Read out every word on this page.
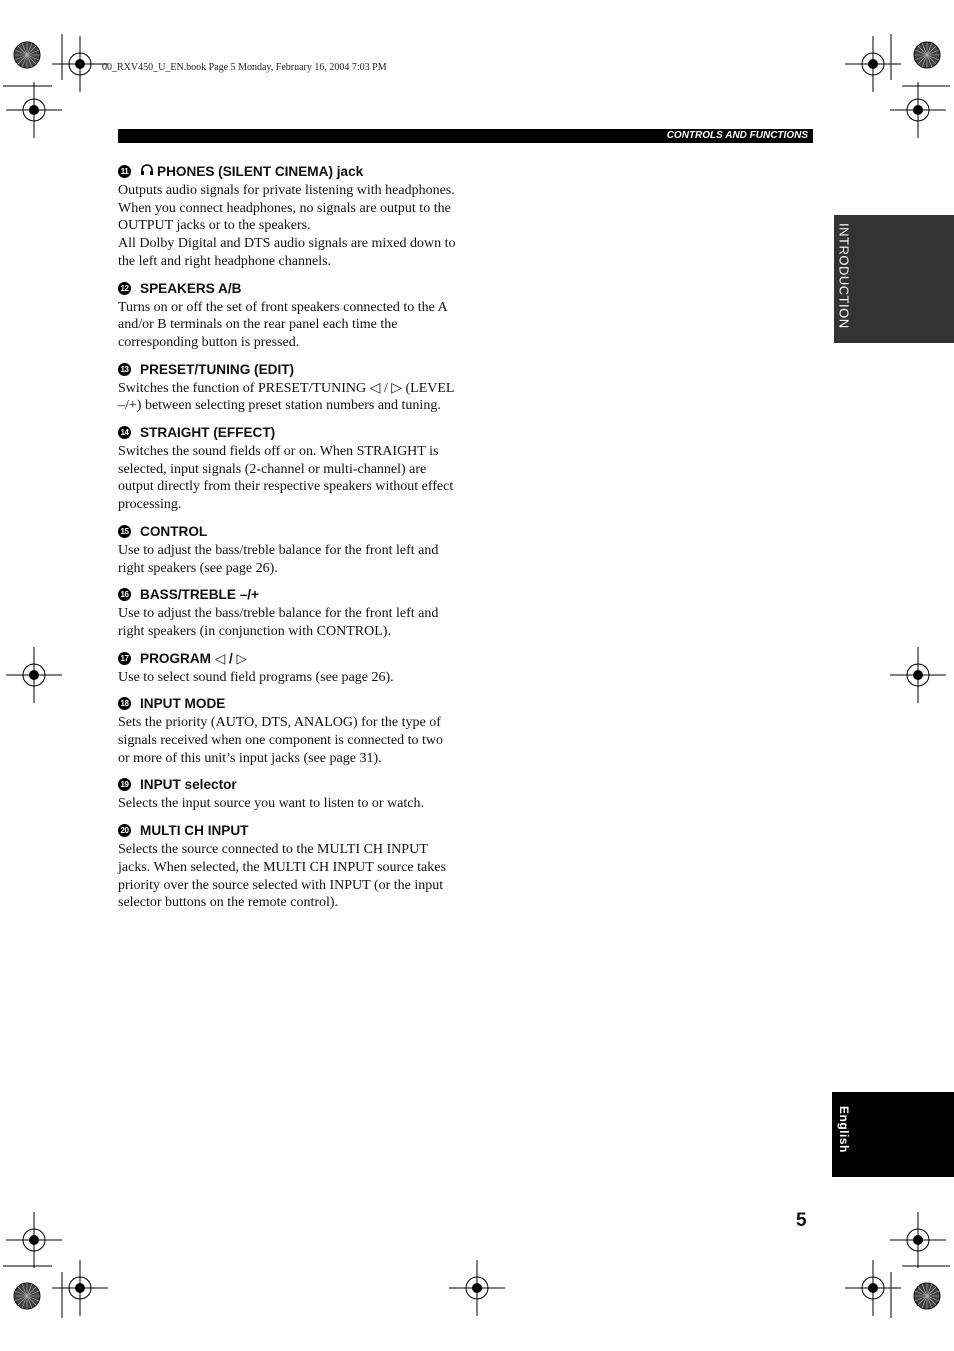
00_RXV450_U_EN.book Page 5 Monday, February 16, 2004 7:03 PM
CONTROLS AND FUNCTIONS
INTRODUCTION
English
11 PHONES (SILENT CINEMA) jack

Outputs audio signals for private listening with headphones. When you connect headphones, no signals are output to the OUTPUT jacks or to the speakers.

All Dolby Digital and DTS audio signals are mixed down to the left and right headphone channels.

12 SPEAKERS A/B

Turns on or off the set of front speakers connected to the A and/or B terminals on the rear panel each time the corresponding button is pressed.

13 PRESET/TUNING (EDIT)

Switches the function of PRESET/TUNING ◁ / ▷ (LEVEL –/+) between selecting preset station numbers and tuning.

14 STRAIGHT (EFFECT)

Switches the sound fields off or on. When STRAIGHT is selected, input signals (2-channel or multi-channel) are output directly from their respective speakers without effect processing.

15 CONTROL

Use to adjust the bass/treble balance for the front left and right speakers (see page 26).

16 BASS/TREBLE –/+

Use to adjust the bass/treble balance for the front left and right speakers (in conjunction with CONTROL).

17 PROGRAM ◁ / ▷

Use to select sound field programs (see page 26).

18 INPUT MODE

Sets the priority (AUTO, DTS, ANALOG) for the type of signals received when one component is connected to two or more of this unit’s input jacks (see page 31).

19 INPUT selector

Selects the input source you want to listen to or watch.

20 MULTI CH INPUT

Selects the source connected to the MULTI CH INPUT jacks. When selected, the MULTI CH INPUT source takes priority over the source selected with INPUT (or the input selector buttons on the remote control).

5
